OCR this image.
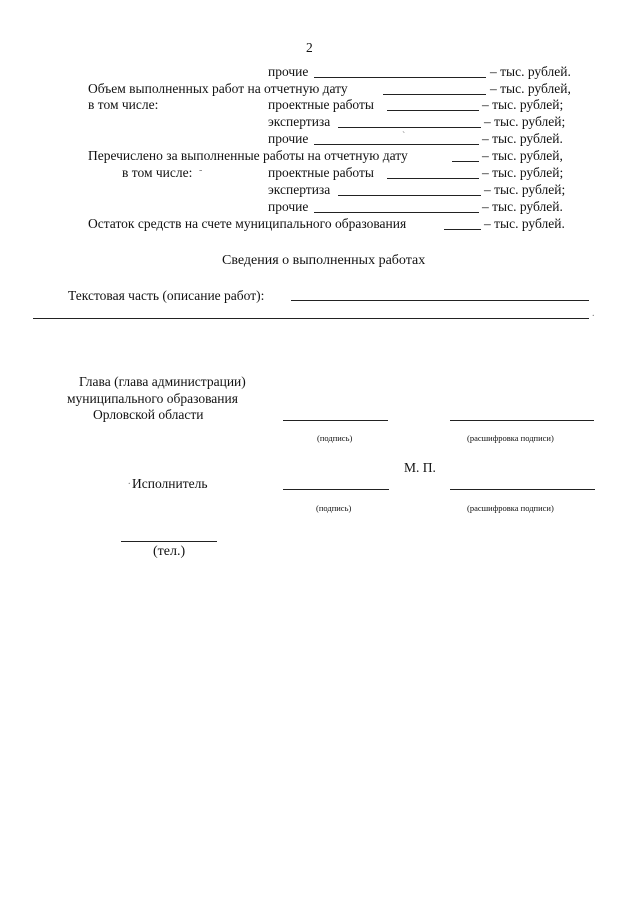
2
прочие	– тыс. рублей.
Объем выполненных работ на отчетную дату	– тыс. рублей,
в том числе:	проектные работы	– тыс. рублей;
экспертиза	– тыс. рублей;
прочие	– тыс. рублей.
Перечислено за выполненные работы на отчетную дату	– тыс. рублей,
в том числе:	проектные работы	– тыс. рублей;
экспертиза	– тыс. рублей;
прочие	– тыс. рублей.
Остаток средств на счете муниципального образования	– тыс. рублей.
Сведения о выполненных работах
Текстовая часть (описание работ):
Глава (глава администрации)
муниципального образования
Орловской области
(подпись)	(расшифровка подписи)
М. П.
Исполнитель
(подпись)	(расшифровка подписи)
(тел.)
`
-
.
.
